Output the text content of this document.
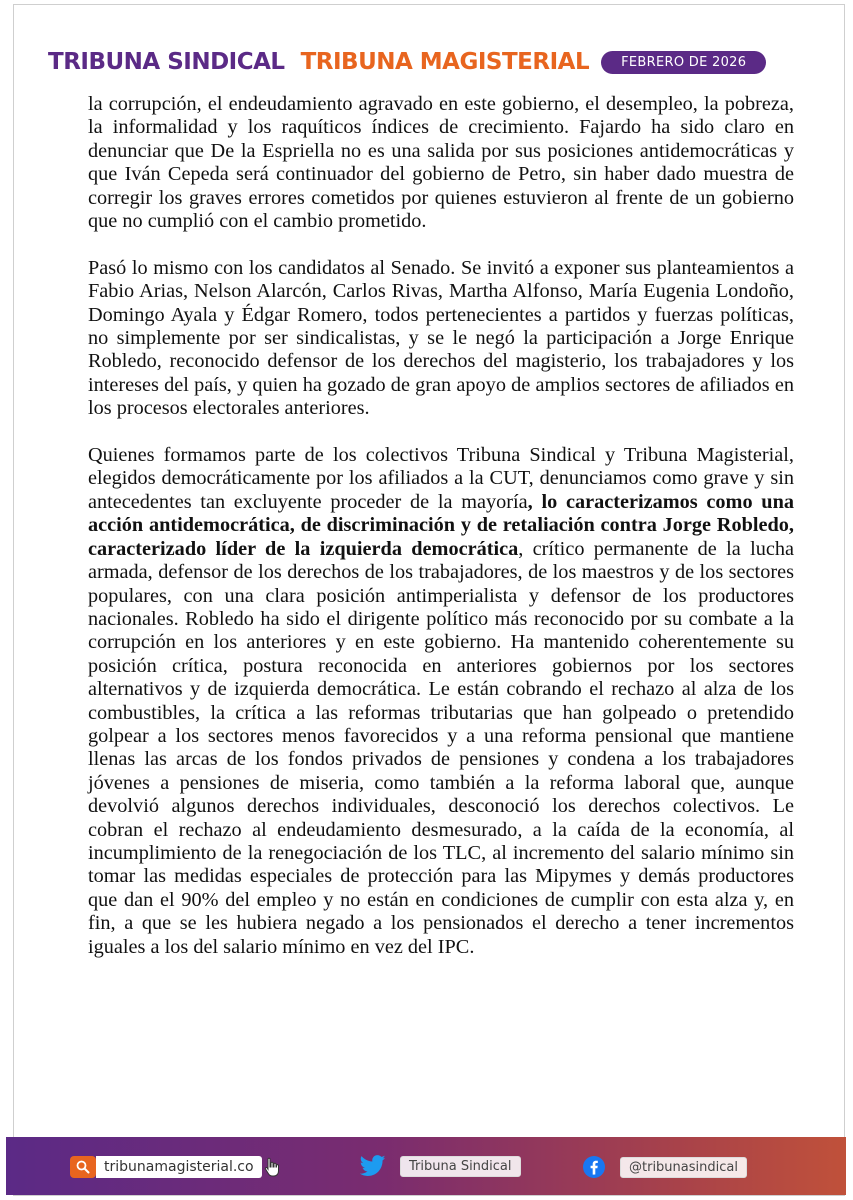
TRIBUNA SINDICAL TRIBUNA MAGISTERIAL	FEBRERO DE 2026

la corrupción, el endeudamiento agravado en este gobierno, el desempleo, la pobreza, la informalidad y los raquíticos índices de crecimiento. Fajardo ha sido claro en denunciar que De la Espriella no es una salida por sus posiciones antidemocráticas y que Iván Cepeda será continuador del gobierno de Petro, sin haber dado muestra de corregir los graves errores cometidos por quienes estuvieron al frente de un gobierno que no cumplió con el cambio prometido.

Pasó lo mismo con los candidatos al Senado. Se invitó a exponer sus planteamientos a Fabio Arias, Nelson Alarcón, Carlos Rivas, Martha Alfonso, María Eugenia Londoño, Domingo Ayala y Édgar Romero, todos pertenecientes a partidos y fuerzas políticas, no simplemente por ser sindicalistas, y se le negó la participación a Jorge Enrique Robledo, reconocido defensor de los derechos del magisterio, los trabajadores y los intereses del país, y quien ha gozado de gran apoyo de amplios sectores de afiliados en los procesos electorales anteriores.

Quienes formamos parte de los colectivos Tribuna Sindical y Tribuna Magisterial, elegidos democráticamente por los afiliados a la CUT, denunciamos como grave y sin antecedentes tan excluyente proceder de la mayoría, lo caracterizamos como una acción antidemocrática, de discriminación y de retaliación contra Jorge Robledo, caracterizado líder de la izquierda democrática, crítico permanente de la lucha armada, defensor de los derechos de los trabajadores, de los maestros y de los sectores populares, con una clara posición antimperialista y defensor de los productores nacionales. Robledo ha sido el dirigente político más reconocido por su combate a la corrupción en los anteriores y en este gobierno. Ha mantenido coherentemente su posición crítica, postura reconocida en anteriores gobiernos por los sectores alternativos y de izquierda democrática. Le están cobrando el rechazo al alza de los combustibles, la crítica a las reformas tributarias que han golpeado o pretendido golpear a los sectores menos favorecidos y a una reforma pensional que mantiene llenas las arcas de los fondos privados de pensiones y condena a los trabajadores jóvenes a pensiones de miseria, como también a la reforma laboral que, aunque devolvió algunos derechos individuales, desconoció los derechos colectivos. Le cobran el rechazo al endeudamiento desmesurado, a la caída de la economía, al incumplimiento de la renegociación de los TLC, al incremento del salario mínimo sin tomar las medidas especiales de protección para las Mipymes y demás productores que dan el 90% del empleo y no están en condiciones de cumplir con esta alza y, en fin, a que se les hubiera negado a los pensionados el derecho a tener incrementos iguales a los del salario mínimo en vez del IPC.

tribunamagisterial.co	Tribuna Sindical	@tribunasindical
